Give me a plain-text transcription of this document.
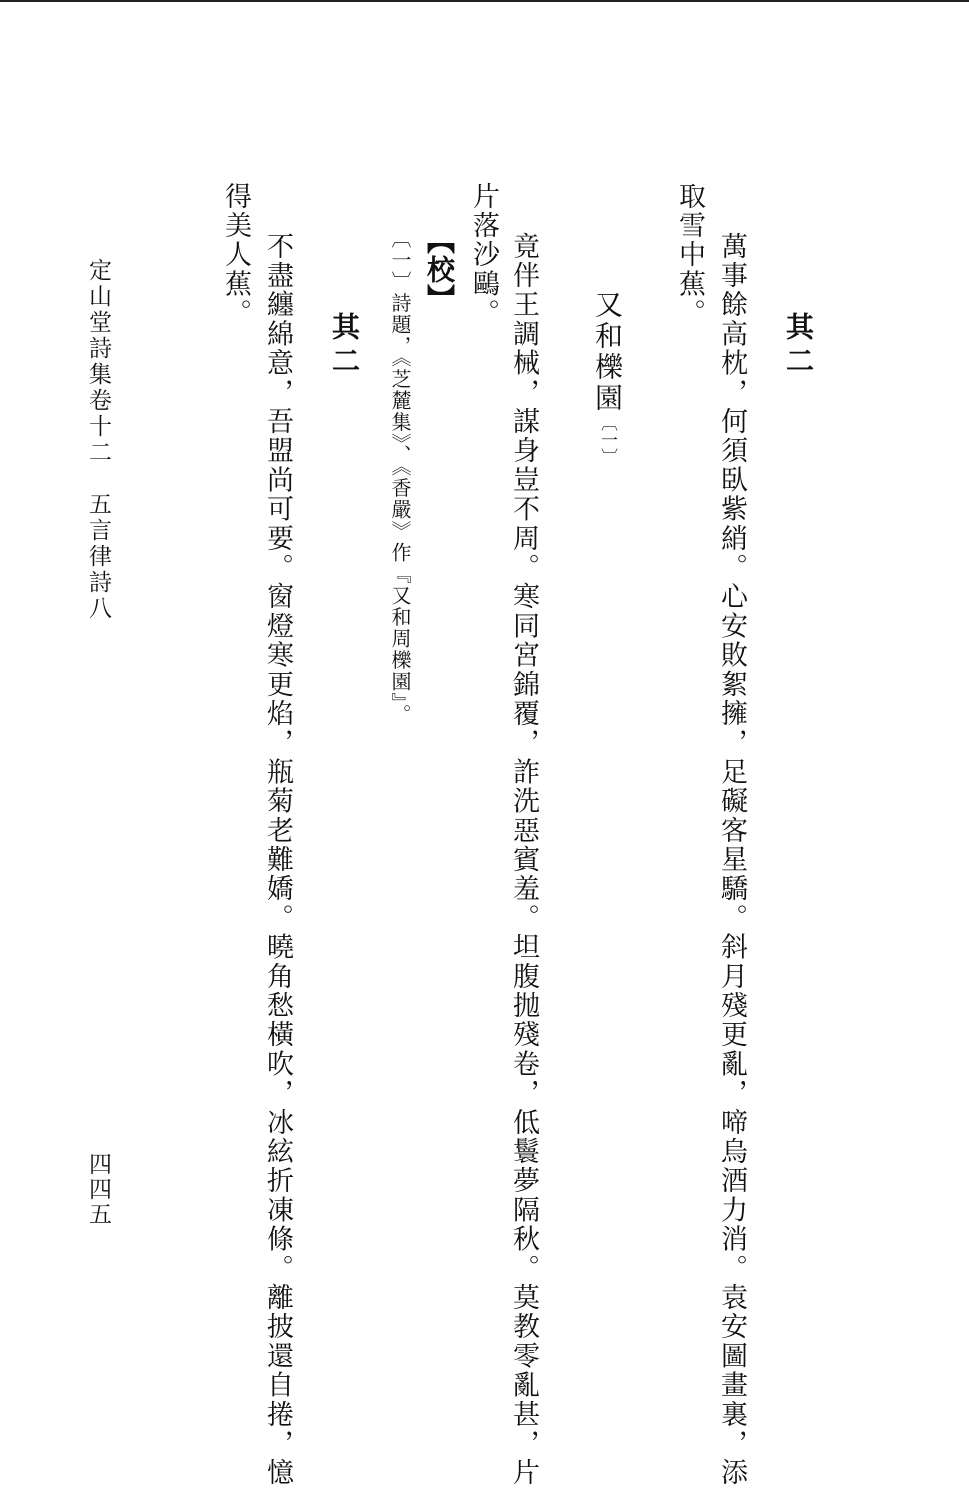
其二
萬事餘高枕，何須臥紫綃。心安敗絮擁，足礙客星驕。斜月殘更亂，啼烏酒力消。袁安圖畫裏，添
取雪中蕉。
又和櫟園〔一〕
竟伴王調械，謀身豈不周。寒同宮錦覆，詐洗惡賓羞。坦腹抛殘卷，低鬟夢隔秋。莫教零亂甚，片
片落沙鷗。
【校】
〔一〕詩題，《芝麓集》、《香嚴》作『又和周櫟園』。
其二
不盡纏綿意，吾盟尚可要。窗燈寒更焰，瓶菊老難嬌。曉角愁橫吹，冰絃折凍條。離披還自捲，憶
得美人蕉。
定山堂詩集卷十二　五言律詩八
四四五
